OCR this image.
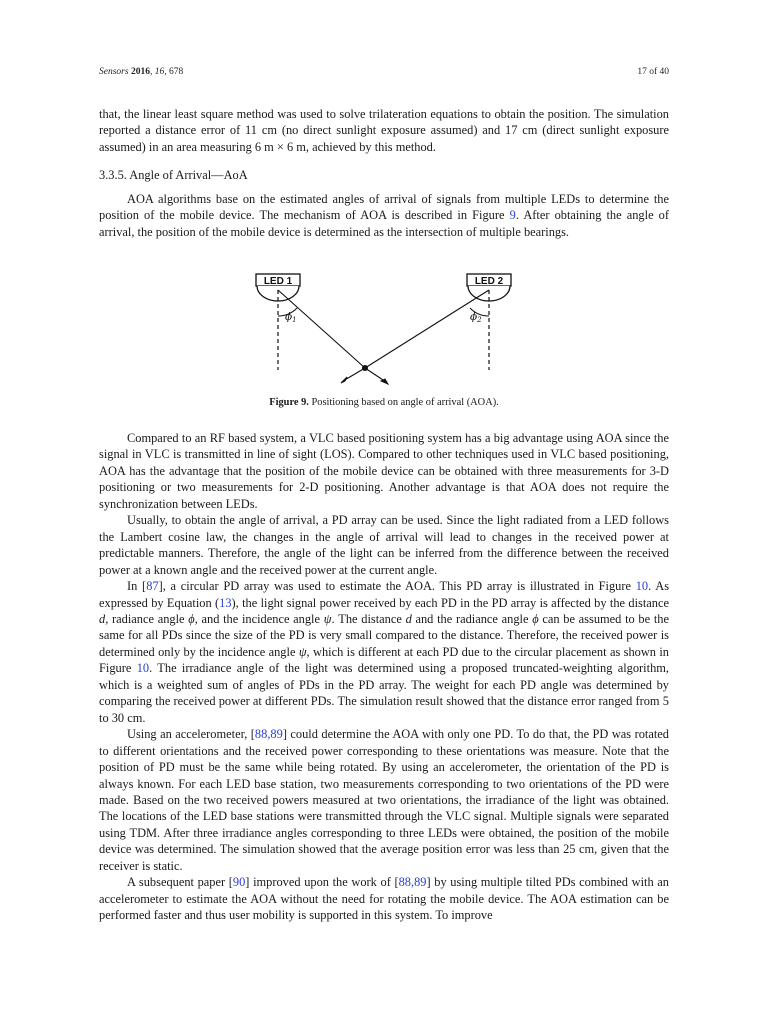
Sensors 2016, 16, 678	17 of 40

that, the linear least square method was used to solve trilateration equations to obtain the position. The simulation reported a distance error of 11 cm (no direct sunlight exposure assumed) and 17 cm (direct sunlight exposure assumed) in an area measuring 6 m × 6 m, achieved by this method.

3.3.5. Angle of Arrival—AoA

AOA algorithms base on the estimated angles of arrival of signals from multiple LEDs to determine the position of the mobile device. The mechanism of AOA is described in Figure 9. After obtaining the angle of arrival, the position of the mobile device is determined as the intersection of multiple bearings.

LED 1	LED 2
ϕ1	ϕ2
Figure 9. Positioning based on angle of arrival (AOA).

Compared to an RF based system, a VLC based positioning system has a big advantage using AOA since the signal in VLC is transmitted in line of sight (LOS). Compared to other techniques used in VLC based positioning, AOA has the advantage that the position of the mobile device can be obtained with three measurements for 3-D positioning or two measurements for 2-D positioning. Another advantage is that AOA does not require the synchronization between LEDs.

Usually, to obtain the angle of arrival, a PD array can be used. Since the light radiated from a LED follows the Lambert cosine law, the changes in the angle of arrival will lead to changes in the received power at predictable manners. Therefore, the angle of the light can be inferred from the difference between the received power at a known angle and the received power at the current angle.

In [87], a circular PD array was used to estimate the AOA. This PD array is illustrated in Figure 10. As expressed by Equation (13), the light signal power received by each PD in the PD array is affected by the distance d, radiance angle ϕ, and the incidence angle ψ. The distance d and the radiance angle ϕ can be assumed to be the same for all PDs since the size of the PD is very small compared to the distance. Therefore, the received power is determined only by the incidence angle ψ, which is different at each PD due to the circular placement as shown in Figure 10. The irradiance angle of the light was determined using a proposed truncated-weighting algorithm, which is a weighted sum of angles of PDs in the PD array. The weight for each PD angle was determined by comparing the received power at different PDs. The simulation result showed that the distance error ranged from 5 to 30 cm.

Using an accelerometer, [88,89] could determine the AOA with only one PD. To do that, the PD was rotated to different orientations and the received power corresponding to these orientations was measure. Note that the position of PD must be the same while being rotated. By using an accelerometer, the orientation of the PD is always known. For each LED base station, two measurements corresponding to two orientations of the PD were made. Based on the two received powers measured at two orientations, the irradiance of the light was obtained. The locations of the LED base stations were transmitted through the VLC signal. Multiple signals were separated using TDM. After three irradiance angles corresponding to three LEDs were obtained, the position of the mobile device was determined. The simulation showed that the average position error was less than 25 cm, given that the receiver is static.

A subsequent paper [90] improved upon the work of [88,89] by using multiple tilted PDs combined with an accelerometer to estimate the AOA without the need for rotating the mobile device. The AOA estimation can be performed faster and thus user mobility is supported in this system. To improve
